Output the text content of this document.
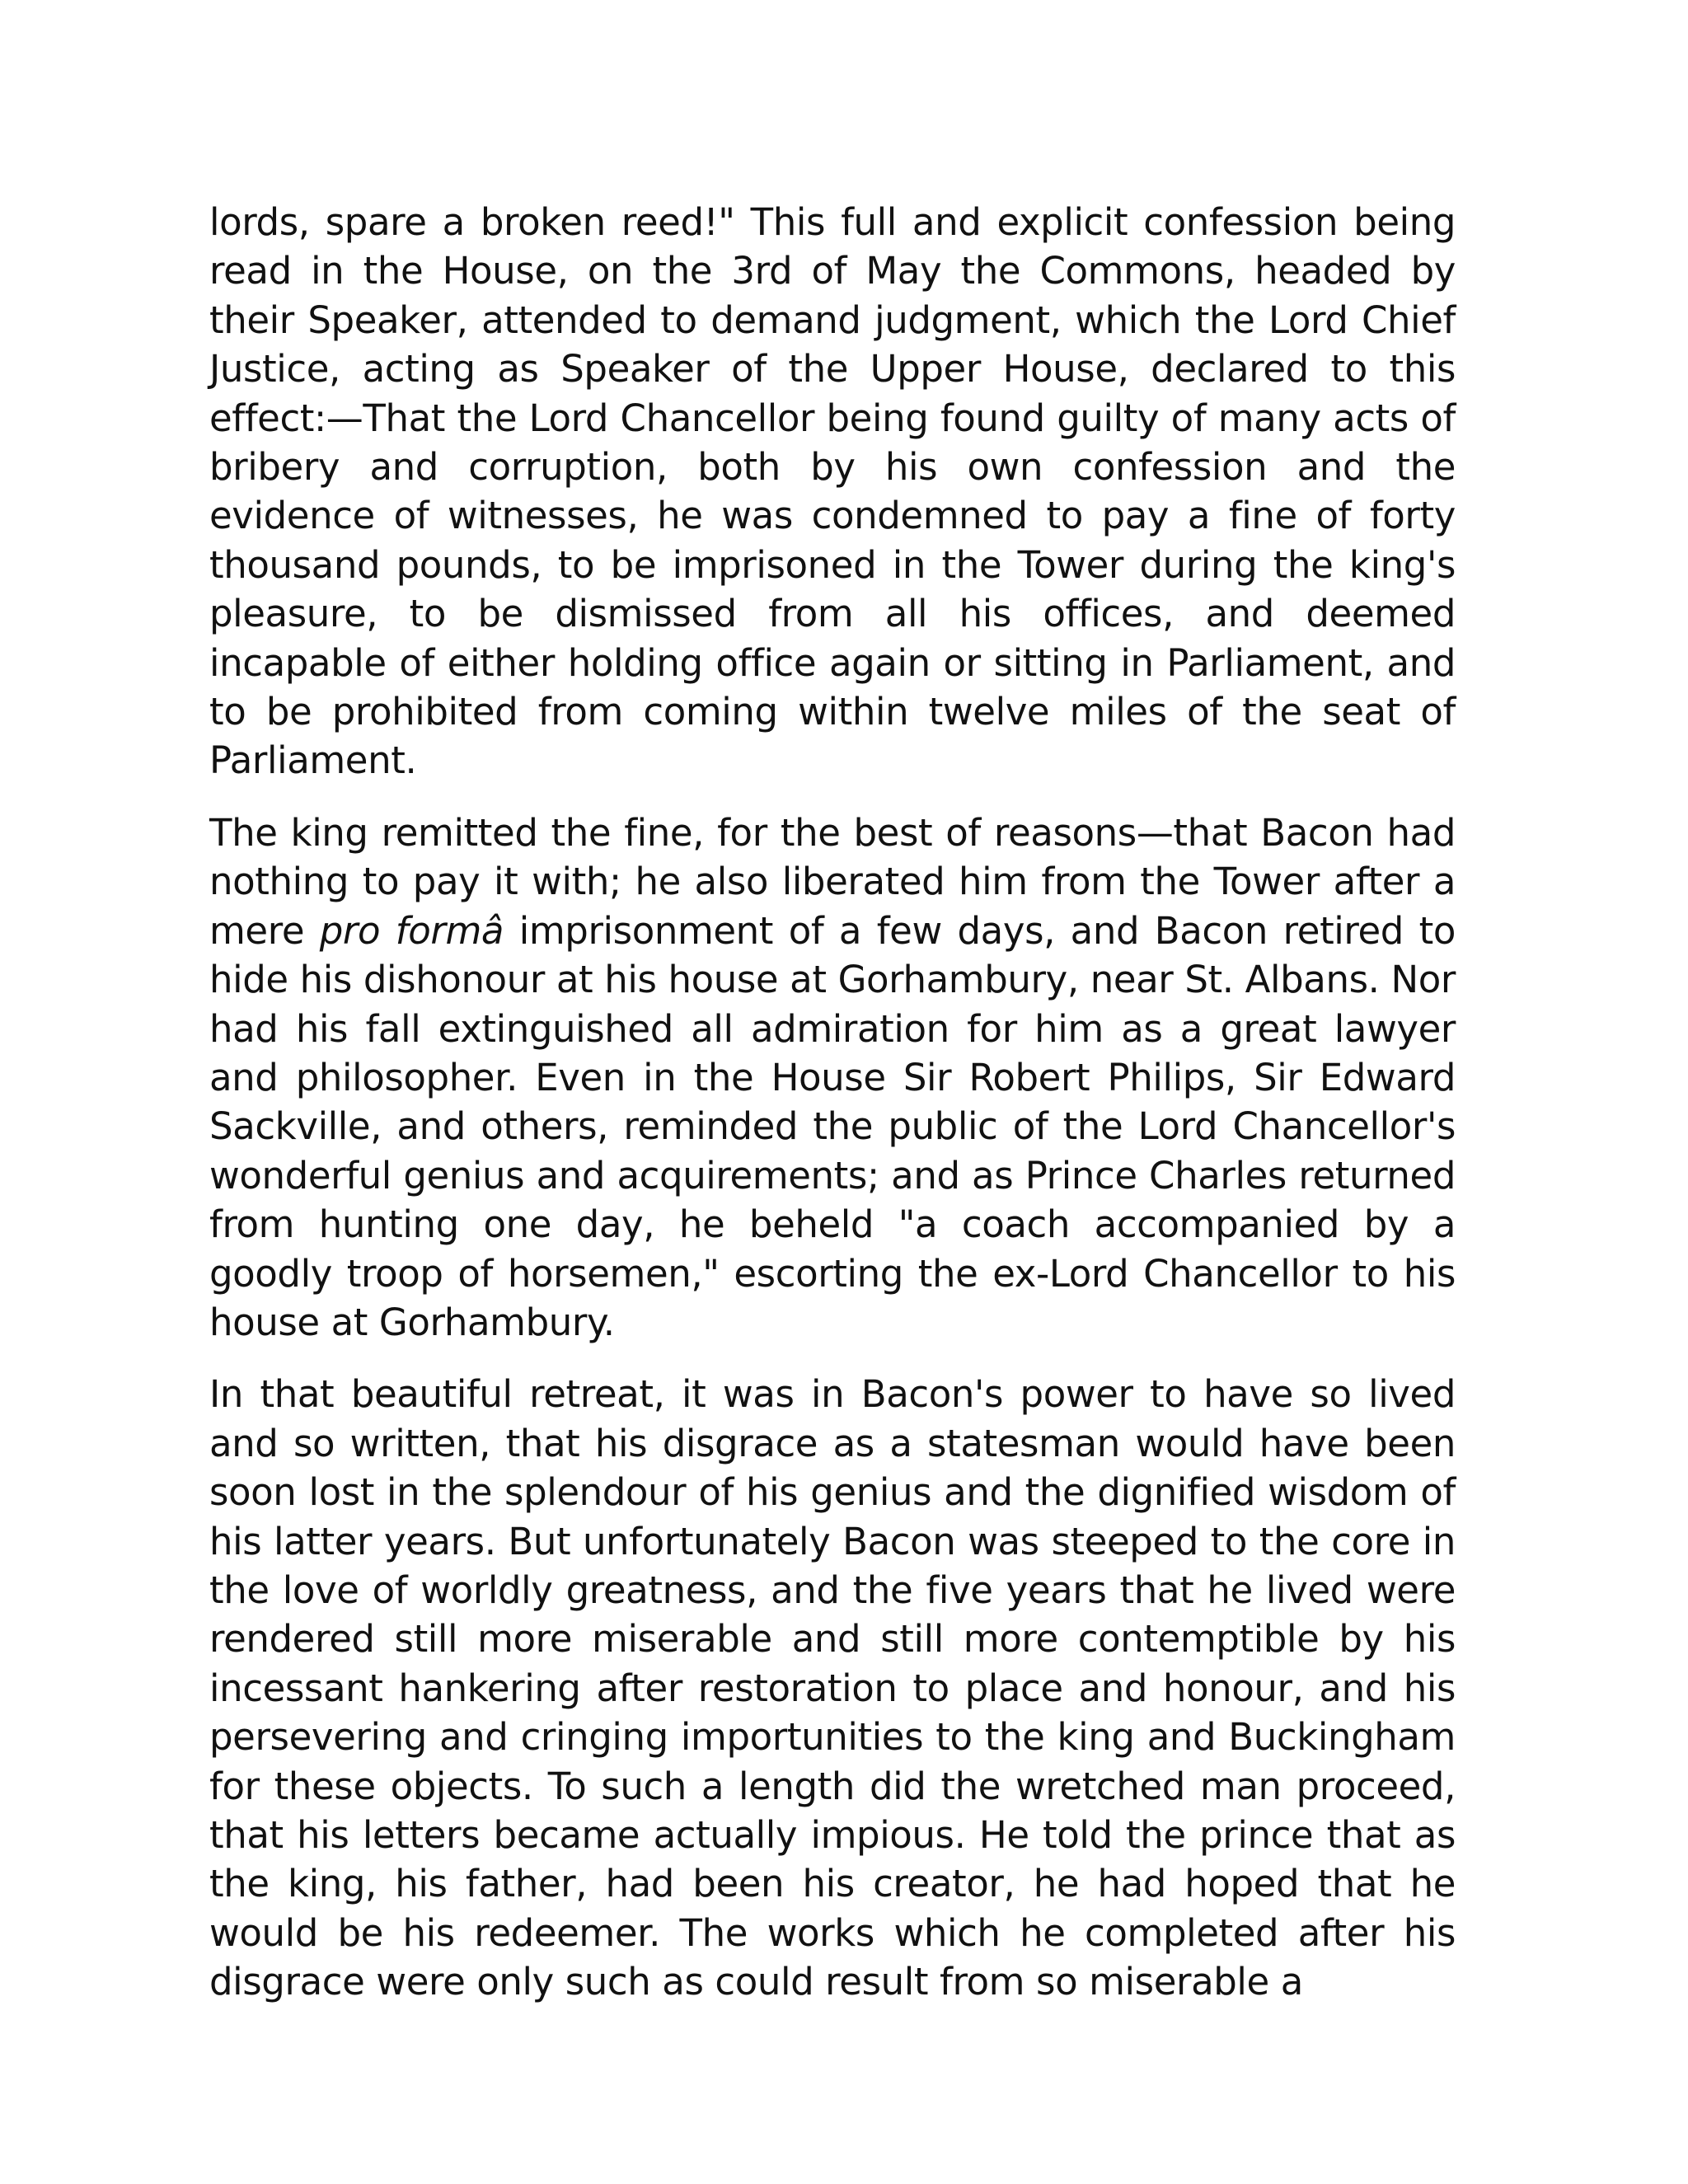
lords, spare a broken reed!" This full and explicit confession being read in the House, on the 3rd of May the Commons, headed by their Speaker, attended to demand judgment, which the Lord Chief Justice, acting as Speaker of the Upper House, declared to this effect:—That the Lord Chancellor being found guilty of many acts of bribery and corruption, both by his own confession and the evidence of witnesses, he was condemned to pay a fine of forty thousand pounds, to be imprisoned in the Tower during the king's pleasure, to be dismissed from all his offices, and deemed incapable of either holding office again or sitting in Parliament, and to be prohibited from coming within twelve miles of the seat of Parliament.

The king remitted the fine, for the best of reasons—that Bacon had nothing to pay it with; he also liberated him from the Tower after a mere pro formâ imprisonment of a few days, and Bacon retired to hide his dishonour at his house at Gorhambury, near St. Albans. Nor had his fall extinguished all admiration for him as a great lawyer and philosopher. Even in the House Sir Robert Philips, Sir Edward Sackville, and others, reminded the public of the Lord Chancellor's wonderful genius and acquirements; and as Prince Charles returned from hunting one day, he beheld "a coach accompanied by a goodly troop of horsemen," escorting the ex-Lord Chancellor to his house at Gorhambury.

In that beautiful retreat, it was in Bacon's power to have so lived and so written, that his disgrace as a statesman would have been soon lost in the splendour of his genius and the dignified wisdom of his latter years. But unfortunately Bacon was steeped to the core in the love of worldly greatness, and the five years that he lived were rendered still more miserable and still more contemptible by his incessant hankering after restoration to place and honour, and his persevering and cringing importunities to the king and Buckingham for these objects. To such a length did the wretched man proceed, that his letters became actually impious. He told the prince that as the king, his father, had been his creator, he had hoped that he would be his redeemer. The works which he completed after his disgrace were only such as could result from so miserable a
